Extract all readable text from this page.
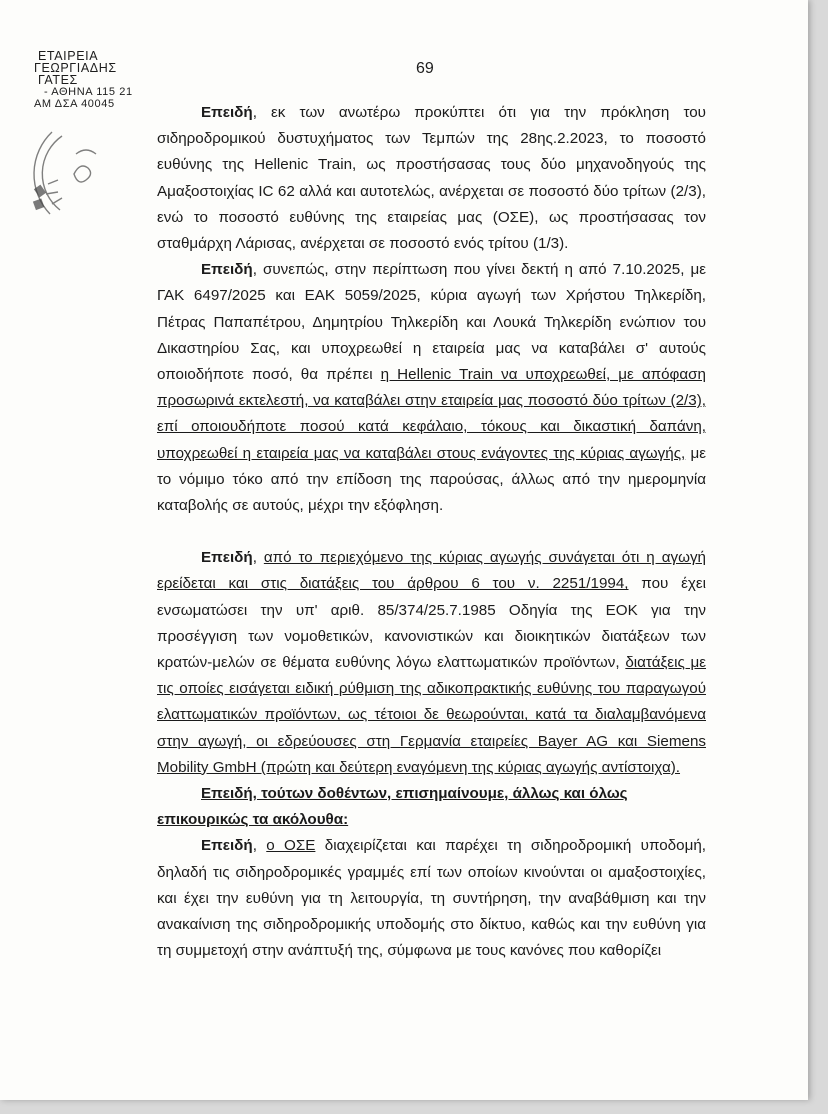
ΕΤΑΙΡΕΙΑ
ΓΕΩΡΓΙΑΔΗΣ
ΓΑΤΕΣ
- ΑΘΗΝΑ 115 21
ΑΜ ΔΣΑ 40045
69

Επειδή, εκ των ανωτέρω προκύπτει ότι για την πρόκληση του σιδηροδρομικού δυστυχήματος των Τεμπών της 28ης.2.2023, το ποσοστό ευθύνης της Hellenic Train, ως προστήσασας τους δύο μηχανοδηγούς της Αμαξοστοιχίας IC 62 αλλά και αυτοτελώς, ανέρχεται σε ποσοστό δύο τρίτων (2/3), ενώ το ποσοστό ευθύνης της εταιρείας μας (ΟΣΕ), ως προστήσασας τον σταθμάρχη Λάρισας, ανέρχεται σε ποσοστό ενός τρίτου (1/3).

Επειδή, συνεπώς, στην περίπτωση που γίνει δεκτή η από 7.10.2025, με ΓΑΚ 6497/2025 και ΕΑΚ 5059/2025, κύρια αγωγή των Χρήστου Τηλκερίδη, Πέτρας Παπαπέτρου, Δημητρίου Τηλκερίδη και Λουκά Τηλκερίδη ενώπιον του Δικαστηρίου Σας, και υποχρεωθεί η εταιρεία μας να καταβάλει σ' αυτούς οποιοδήποτε ποσό, θα πρέπει η Hellenic Train να υποχρεωθεί, με απόφαση προσωρινά εκτελεστή, να καταβάλει στην εταιρεία μας ποσοστό δύο τρίτων (2/3), επί οποιουδήποτε ποσού κατά κεφάλαιο, τόκους και δικαστική δαπάνη, υποχρεωθεί η εταιρεία μας να καταβάλει στους ενάγοντες της κύριας αγωγής, με το νόμιμο τόκο από την επίδοση της παρούσας, άλλως από την ημερομηνία καταβολής σε αυτούς, μέχρι την εξόφληση.

Επειδή, από το περιεχόμενο της κύριας αγωγής συνάγεται ότι η αγωγή ερείδεται και στις διατάξεις του άρθρου 6 του ν. 2251/1994, που έχει ενσωματώσει την υπ' αριθ. 85/374/25.7.1985 Οδηγία της ΕΟΚ για την προσέγγιση των νομοθετικών, κανονιστικών και διοικητικών διατάξεων των κρατών-μελών σε θέματα ευθύνης λόγω ελαττωματικών προϊόντων, διατάξεις με τις οποίες εισάγεται ειδική ρύθμιση της αδικοπρακτικής ευθύνης του παραγωγού ελαττωματικών προϊόντων, ως τέτοιοι δε θεωρούνται, κατά τα διαλαμβανόμενα στην αγωγή, οι εδρεύουσες στη Γερμανία εταιρείες Bayer AG και Siemens Mobility GmbH (πρώτη και δεύτερη εναγόμενη της κύριας αγωγής αντίστοιχα).

Επειδή, τούτων δοθέντων, επισημαίνουμε, άλλως και όλως

επικουρικώς τα ακόλουθα:

Επειδή, ο ΟΣΕ διαχειρίζεται και παρέχει τη σιδηροδρομική υποδομή, δηλαδή τις σιδηροδρομικές γραμμές επί των οποίων κινούνται οι αμαξοστοιχίες, και έχει την ευθύνη για τη λειτουργία, τη συντήρηση, την αναβάθμιση και την ανακαίνιση της σιδηροδρομικής υποδομής στο δίκτυο, καθώς και την ευθύνη για τη συμμετοχή στην ανάπτυξή της, σύμφωνα με τους κανόνες που καθορίζει
